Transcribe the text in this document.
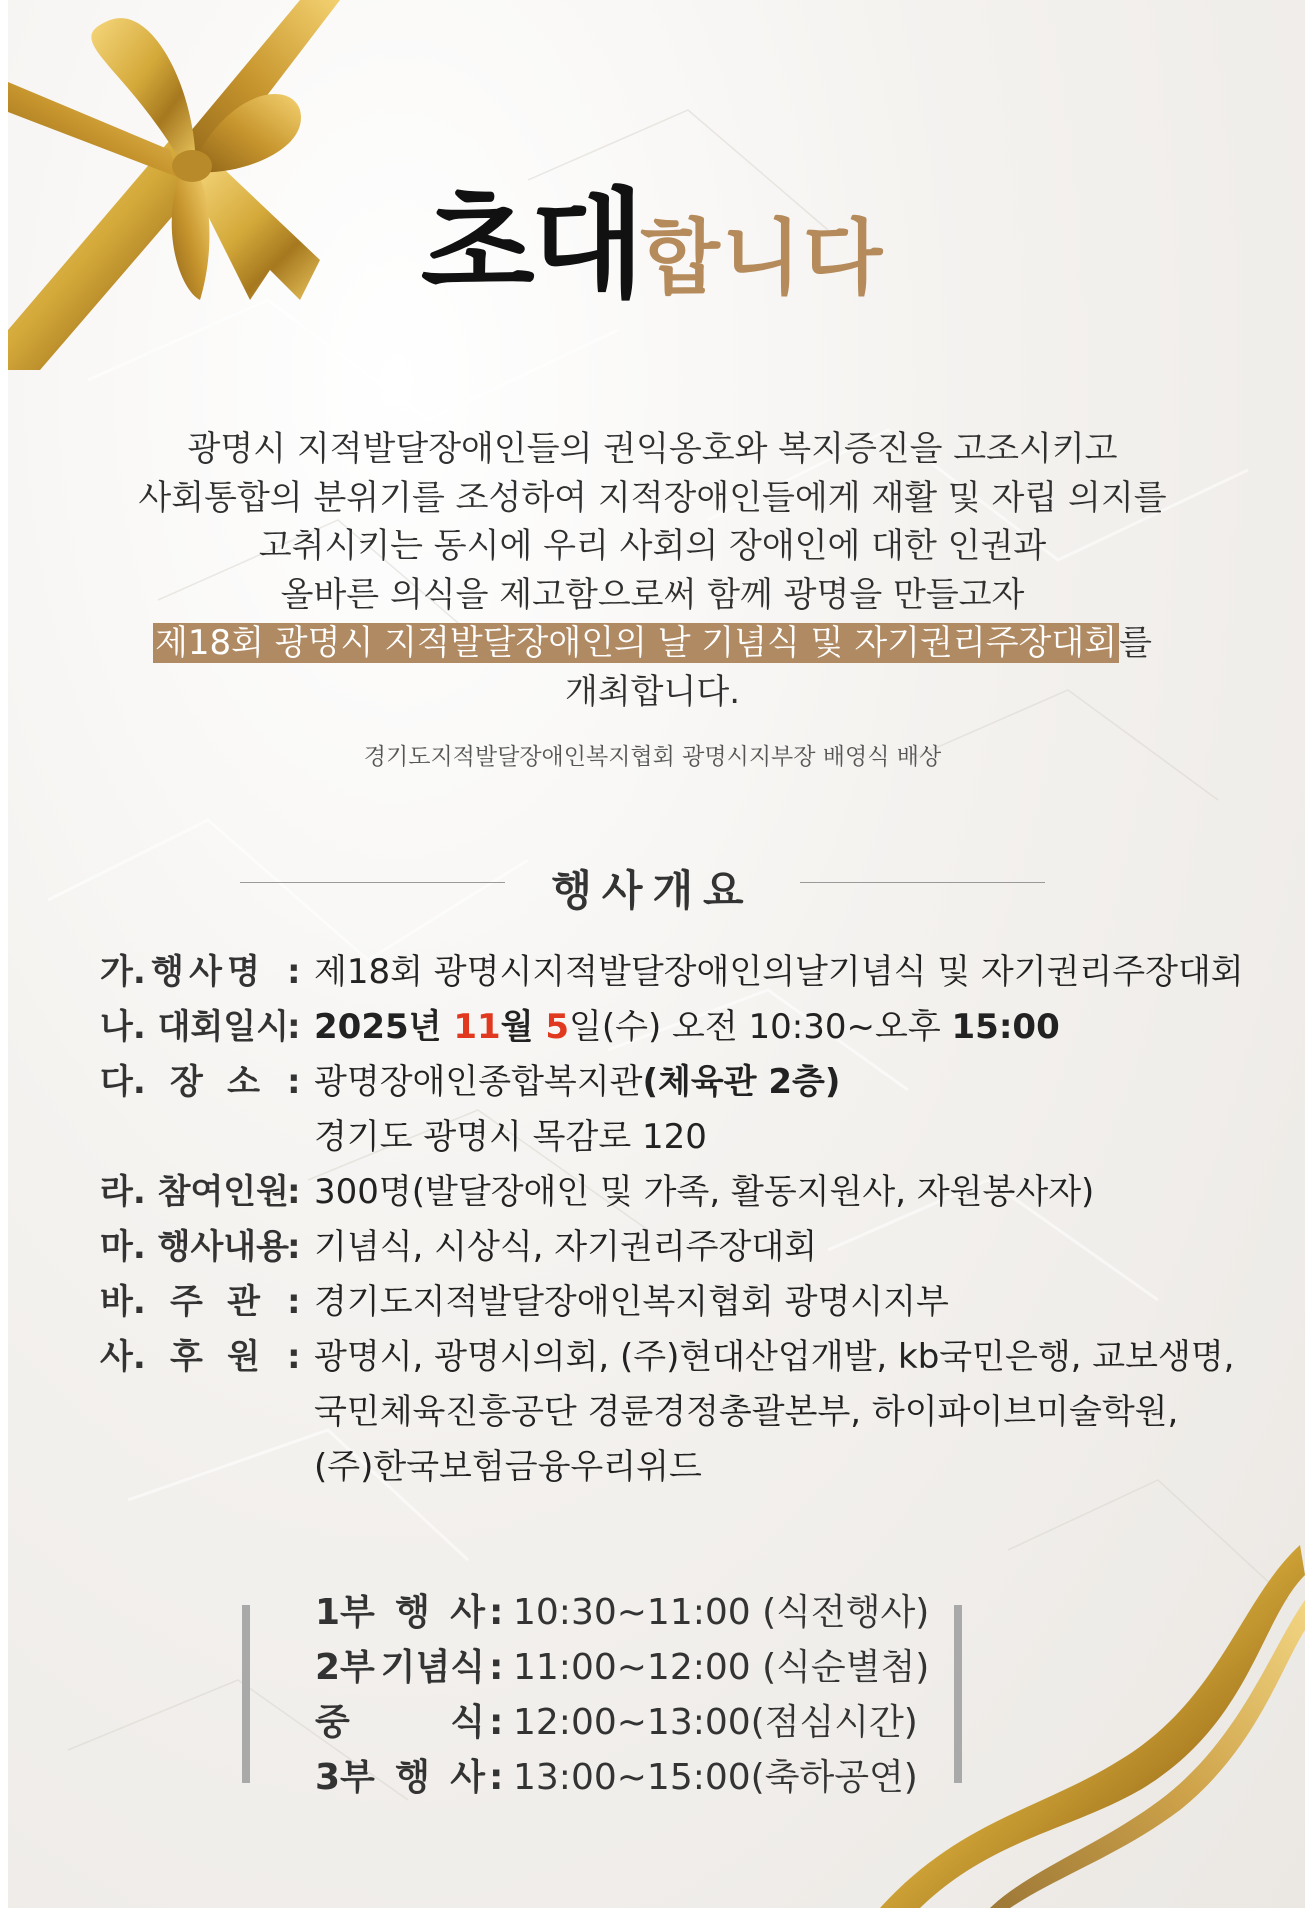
초대합니다
광명시 지적발달장애인들의 권익옹호와 복지증진을 고조시키고
사회통합의 분위기를 조성하여 지적장애인들에게 재활 및 자립 의지를
고취시키는 동시에 우리 사회의 장애인에 대한 인권과
올바른 의식을 제고함으로써 함께 광명을 만들고자
제18회 광명시 지적발달장애인의 날 기념식 및 자기권리주장대회를
개최합니다.
경기도지적발달장애인복지협회 광명시지부장 배영식 배상
행사개요
가. 행 사 명 : 제18회 광명시지적발달장애인의날기념식 및 자기권리주장대회
나. 대회일시
: 2025년 11월 5일(수) 오전 10:30~오후 15:00
다. 장 소 : 광명장애인종합복지관(체육관 2층)
경기도 광명시 목감로 120
라. 참여인원
: 300명(발달장애인 및 가족, 활동지원사, 자원봉사자)
마. 행사내용
: 기념식, 시상식, 자기권리주장대회
바. 주 관 : 경기도지적발달장애인복지협회 광명시지부
사. 후 원 : 광명시, 광명시의회, (주)현대산업개발, kb국민은행, 교보생명,
국민체육진흥공단 경륜경정총괄본부, 하이파이브미술학원,
(주)한국보험금융우리위드
1부 행 사 : 10:30~11:00 (식전행사)
2부 기념식 : 11:00~12:00 (식순별첨)
중	식 : 12:00~13:00(점심시간)
3부 행 사 : 13:00~15:00(축하공연)
